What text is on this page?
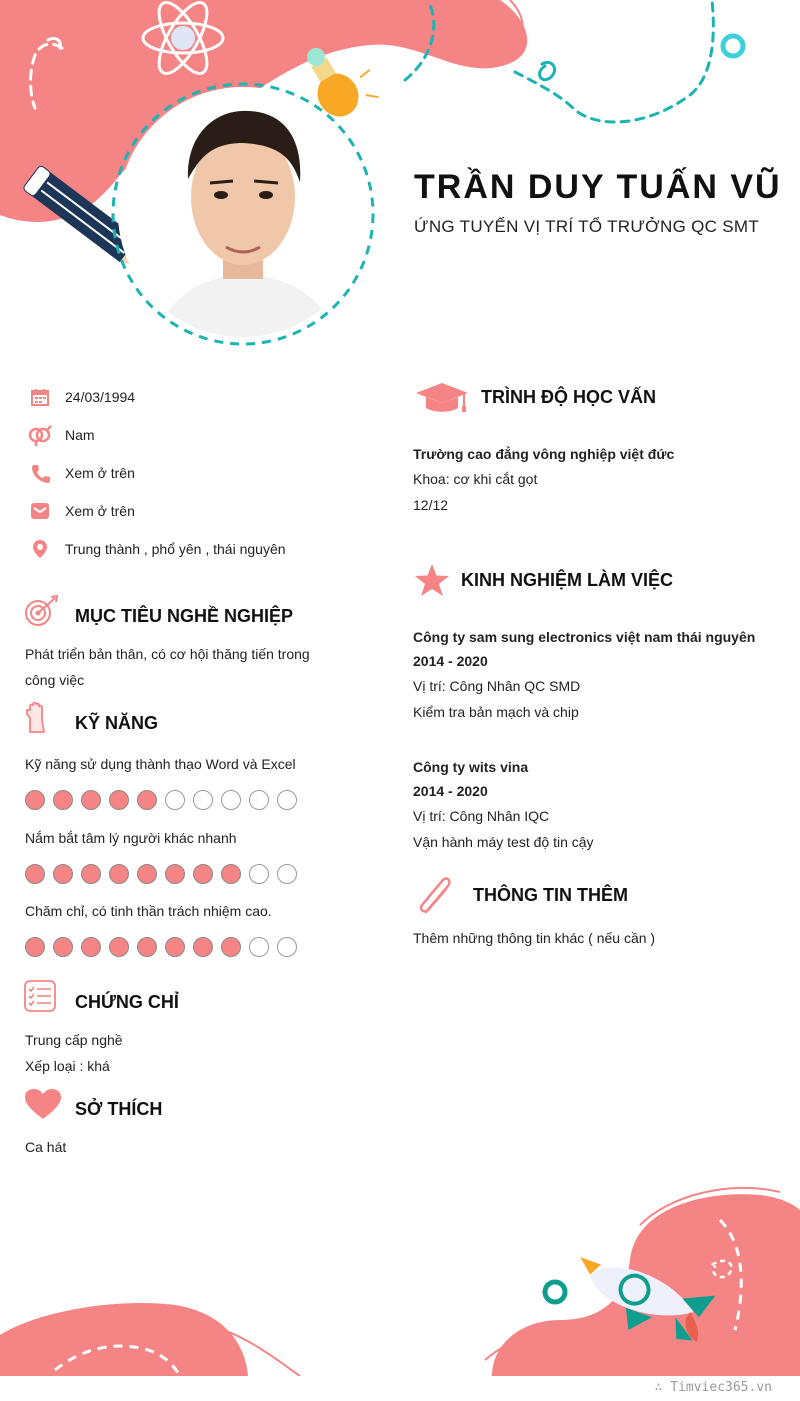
TRẦN DUY TUẤN VŨ
ỨNG TUYỂN VỊ TRÍ TỔ TRƯỞNG QC SMT
24/03/1994
Nam
Xem ở trên
Xem ở trên
Trung thành , phổ yên , thái nguyên
MỤC TIÊU NGHỀ NGHIỆP
Phát triển bản thân, có cơ hội thăng tiến trong
công việc
KỸ NĂNG
Kỹ năng sử dụng thành thạo Word và Excel
Nắm bắt tâm lý người khác nhanh
Chăm chỉ, có tinh thần trách nhiệm cao.
CHỨNG CHỈ
Trung cấp nghề
Xếp loại : khá
SỞ THÍCH
Ca hát
TRÌNH ĐỘ HỌC VẤN
Trường cao đẳng vông nghiệp việt đức
Khoa: cơ khi cắt gọt
12/12
KINH NGHIỆM LÀM VIỆC
Công ty sam sung electronics việt nam thái nguyên
2014 - 2020
Vị trí: Công Nhân QC SMD
Kiểm tra bản mạch và chip
Công ty wits vina
2014 - 2020
Vị trí: Công Nhân IQC
Vận hành máy test độ tin cậy
THÔNG TIN THÊM
Thêm những thông tin khác ( nếu cần )
∴ Timviec365.vn
